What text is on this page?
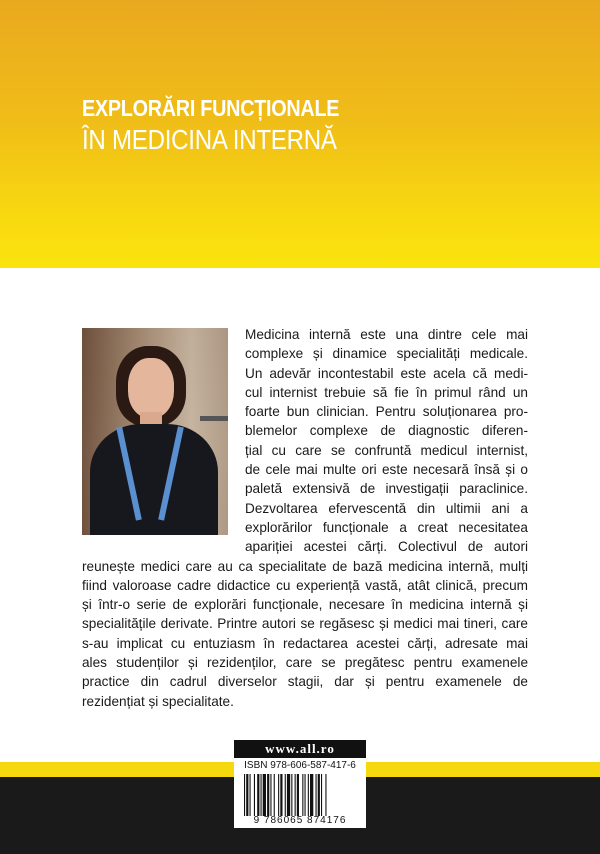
EXPLORĂRI FUNCȚIONALE
ÎN MEDICINA INTERNĂ
Medicina internă este una dintre cele mai
complexe și dinamice specialități medicale.
Un adevăr incontestabil este acela că medi-
cul internist trebuie să fie în primul rând un
foarte bun clinician. Pentru soluționarea pro-
blemelor complexe de diagnostic diferen-
țial cu care se confruntă medicul internist,
de cele mai multe ori este necesară însă și o
paletă extensivă de investigații paraclinice.
Dezvoltarea efervescentă din ultimii ani a
explorărilor funcționale a creat necesitatea
apariției acestei cărți. Colectivul de autori
reunește medici care au ca specialitate de bază medicina internă, mulți
fiind valoroase cadre didactice cu experiență vastă, atât clinică, precum
și într-o serie de explorări funcționale, necesare în medicina internă și
specialitățile derivate. Printre autori se regăsesc și medici mai tineri, care
s-au implicat cu entuziasm în redactarea acestei cărți, adresate mai
ales studenților și rezidenților, care se pregătesc pentru examenele
practice din cadrul diverselor stagii, dar și pentru examenele de
rezidențiat și specialitate.
www.all.ro
ISBN 978-606-587-417-6
9 786065 874176
